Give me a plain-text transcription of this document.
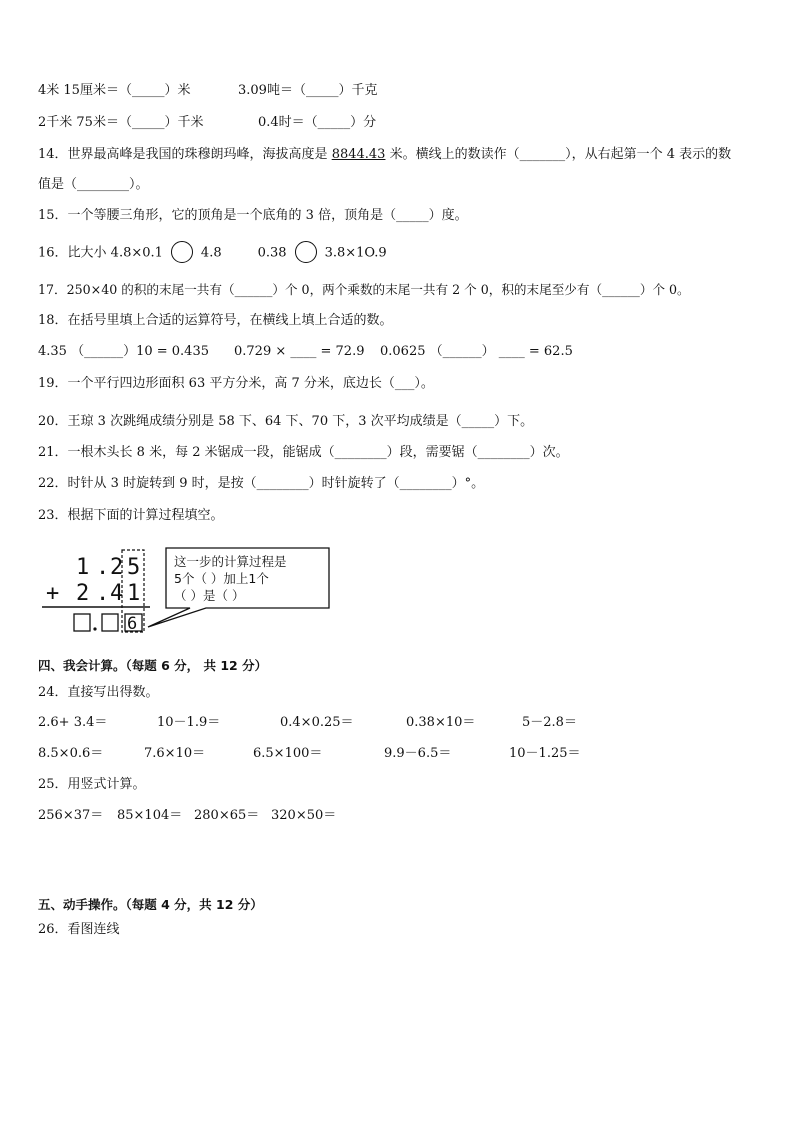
4米 15厘米＝（_____）米	3.09吨＝（_____）千克
2千米 75米＝（_____）千米	0.4时＝（_____）分
14．世界最高峰是我国的珠穆朗玛峰，海拔高度是 8844.43 米。横线上的数读作（_______），从右起第一个 4 表示的数
值是（________）。
15．一个等腰三角形，它的顶角是一个底角的 3 倍，顶角是（_____）度。
16．比大小 4.8×0.1	4.8	0.38	3.8×1O.9
17．250×40 的积的末尾一共有（______）个 0，两个乘数的末尾一共有 2 个 0，积的末尾至少有（______）个 0。
18．在括号里填上合适的运算符号，在横线上填上合适的数。
4.35 （______）10 = 0.435 0.729 × ____ = 72.9 0.0625 （______） ____ = 62.5
19．一个平行四边形面积 63 平方分米，高 7 分米，底边长（___）。
20．王琼 3 次跳绳成绩分别是 58 下、64 下、70 下，3 次平均成绩是（_____）下。
21．一根木头长 8 米，每 2 米锯成一段，能锯成（________）段，需要锯（________）次。
22．时针从 3 时旋转到 9 时，是按（________）时针旋转了（________）°。
23．根据下面的计算过程填空。
1 . 2 5
+ 2 . 4 1
6
这一步的计算过程是
5个（ ）加上1个
（ ）是（ ）
四、我会计算。（每题 6 分， 共 12 分）
24．直接写出得数。
2.6+ 3.4＝	10－1.9＝	0.4×0.25＝	0.38×10＝	5－2.8＝
8.5×0.6＝	7.6×10＝	6.5×100＝	9.9－6.5＝	10－1.25＝
25．用竖式计算。
256×37＝ 85×104＝ 280×65＝ 320×50＝
五、动手操作。（每题 4 分，共 12 分）
26．看图连线
